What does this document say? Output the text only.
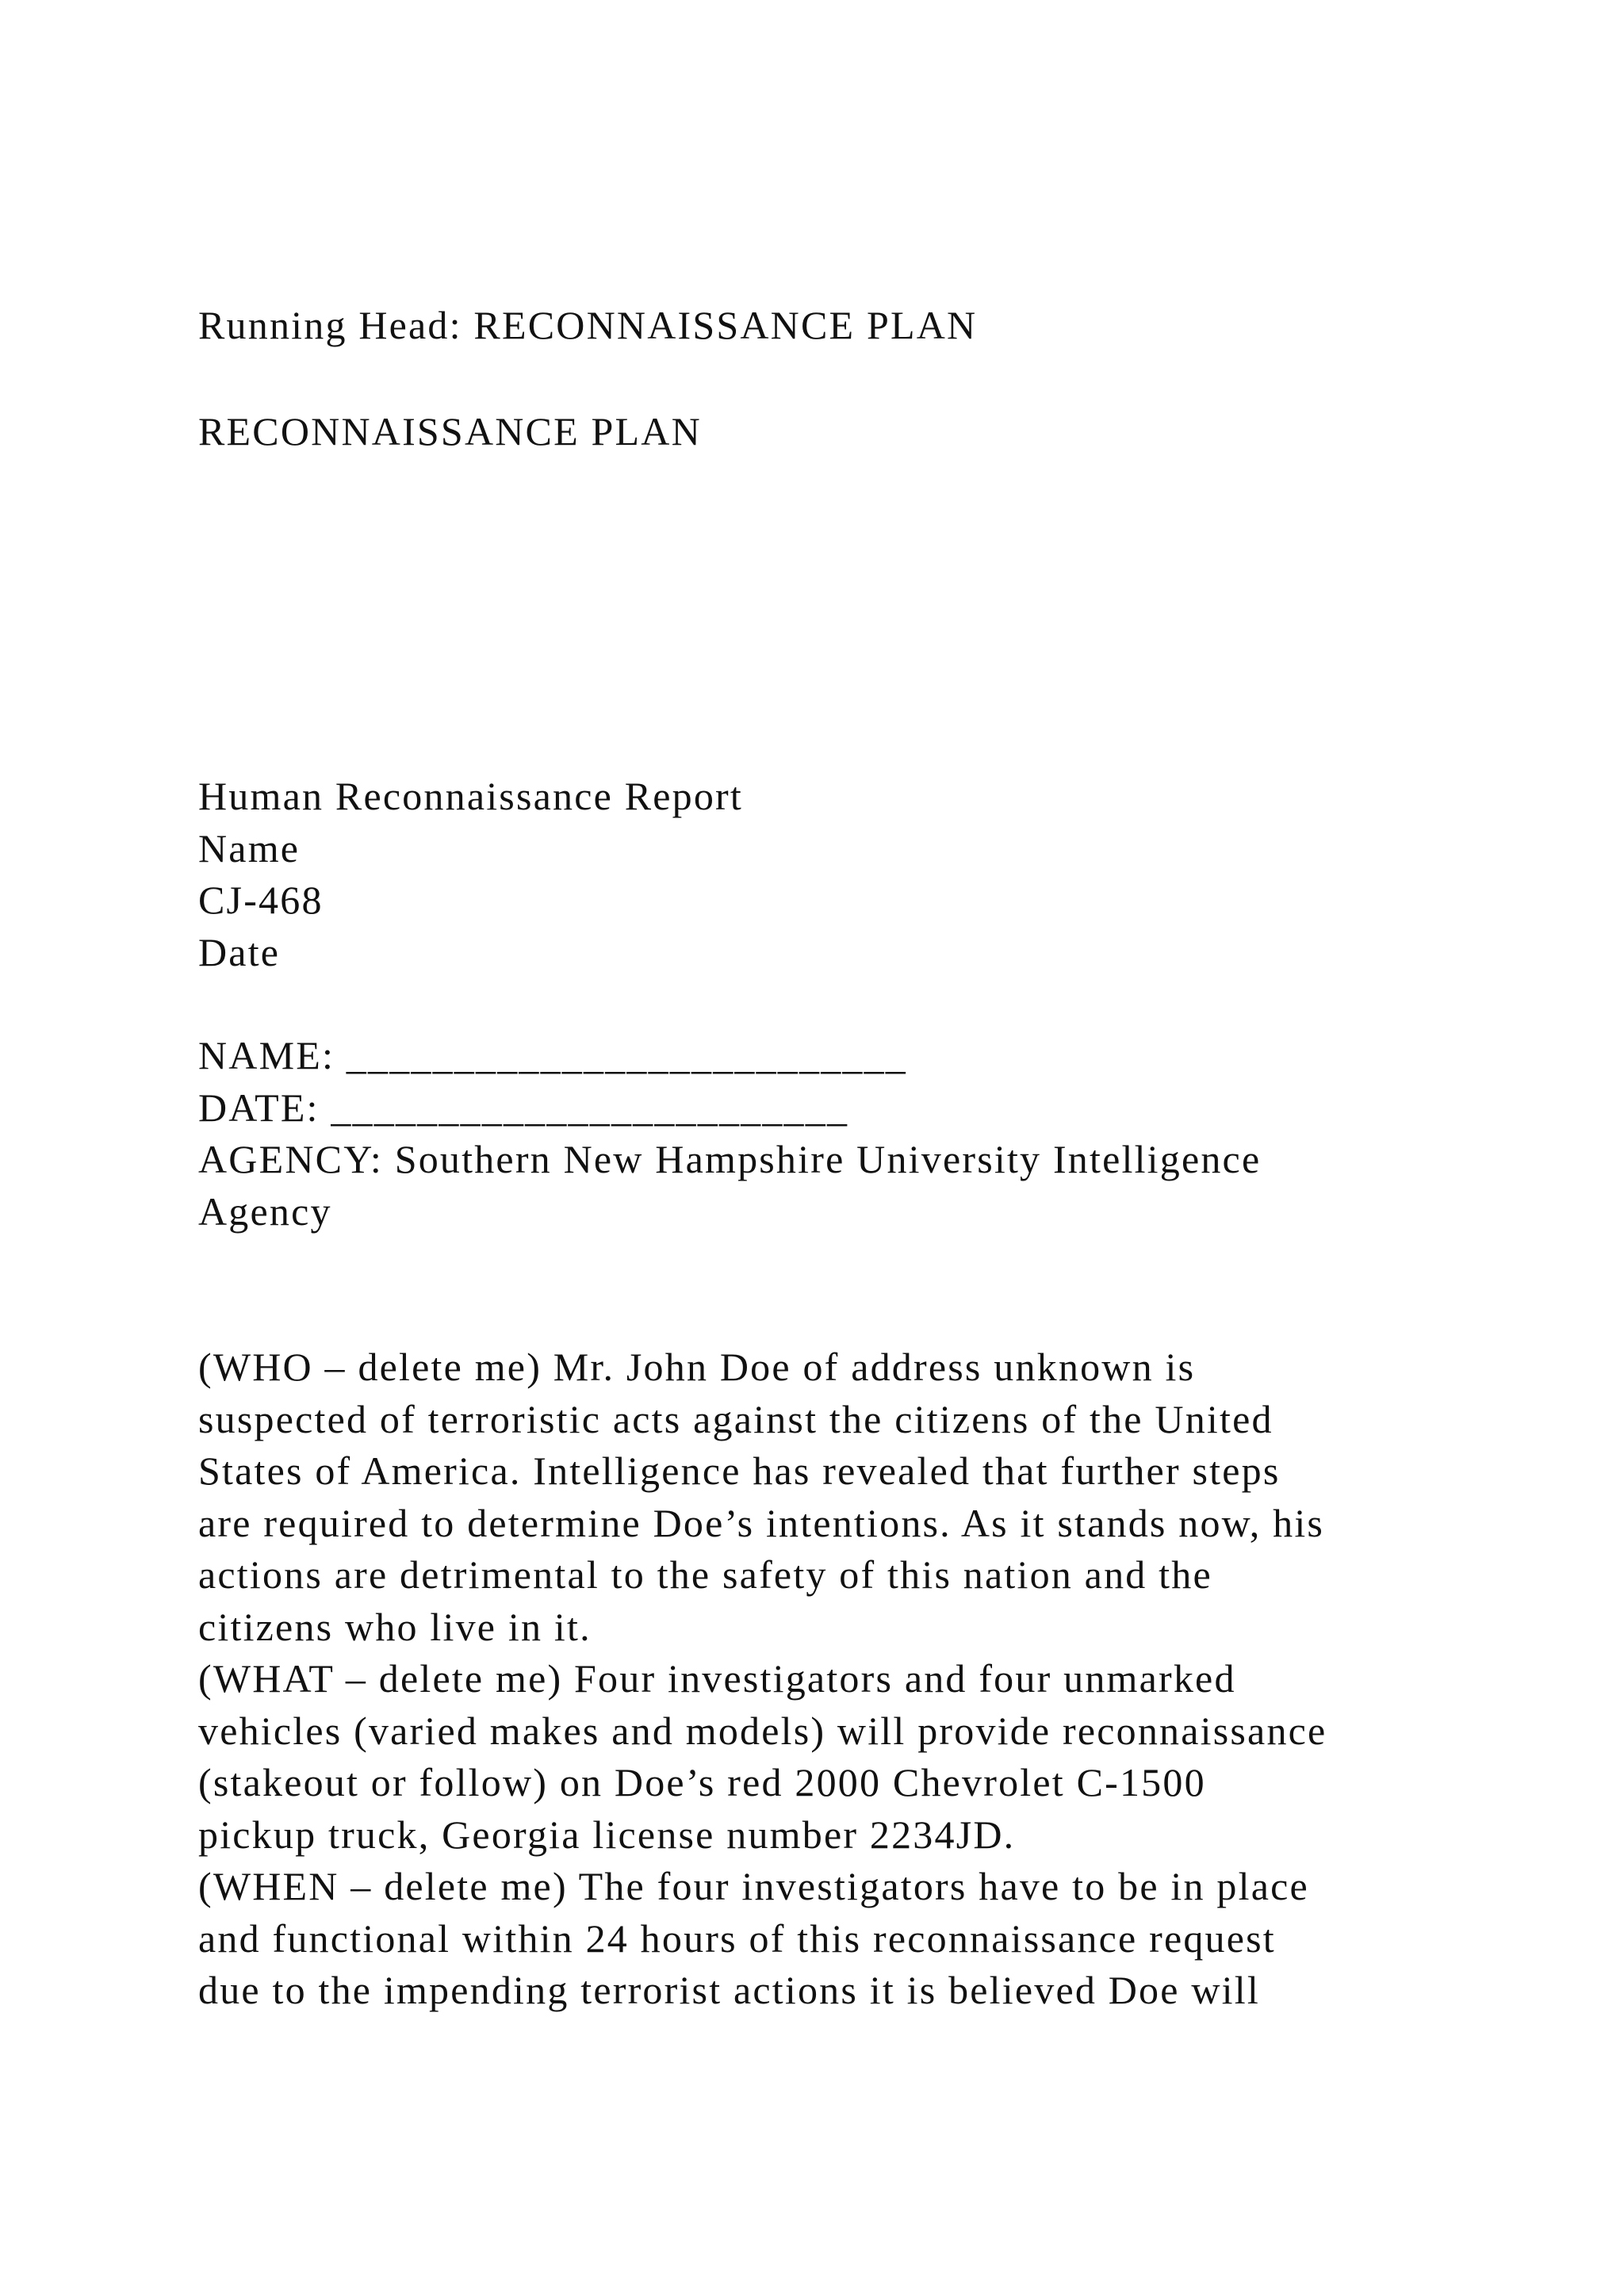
Running Head: RECONNAISSANCE PLAN
RECONNAISSANCE PLAN
Human Reconnaissance Report
Name
CJ-468
Date
NAME: __________________________
DATE: ________________________
AGENCY: Southern New Hampshire University Intelligence
Agency
(WHO – delete me) Mr. John Doe of address unknown is
suspected of terroristic acts against the citizens of the United
States of America. Intelligence has revealed that further steps
are required to determine Doe’s intentions. As it stands now, his
actions are detrimental to the safety of this nation and the
citizens who live in it.
(WHAT – delete me) Four investigators and four unmarked
vehicles (varied makes and models) will provide reconnaissance
(stakeout or follow) on Doe’s red 2000 Chevrolet C-1500
pickup truck, Georgia license number 2234JD.
(WHEN – delete me) The four investigators have to be in place
and functional within 24 hours of this reconnaissance request
due to the impending terrorist actions it is believed Doe will
